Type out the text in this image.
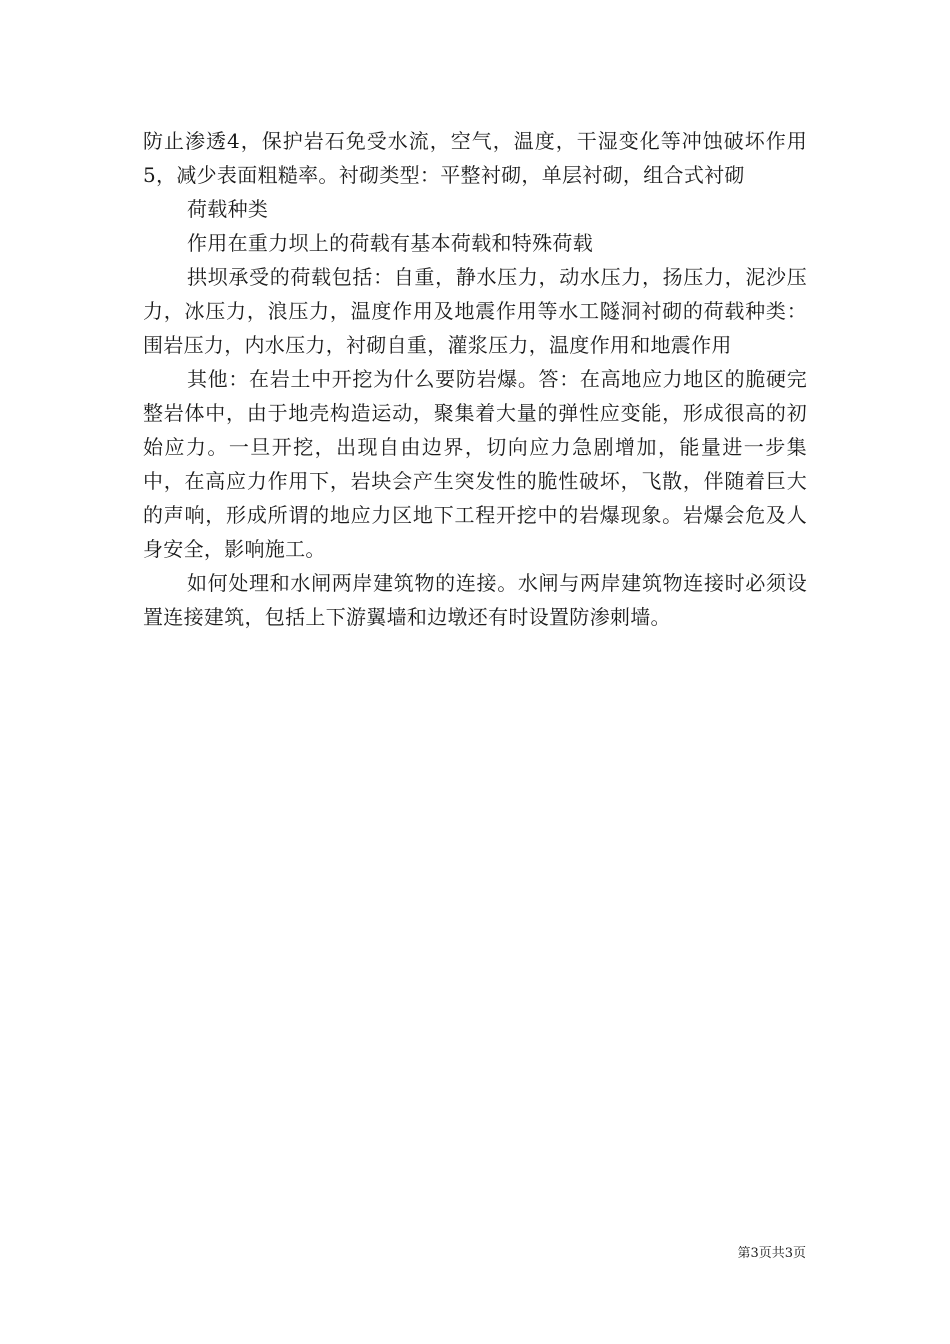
防止渗透4，保护岩石免受水流，空气，温度，干湿变化等冲蚀破坏作用5，减少表面粗糙率。衬砌类型：平整衬砌，单层衬砌，组合式衬砌

荷载种类

作用在重力坝上的荷载有基本荷载和特殊荷载

拱坝承受的荷载包括：自重，静水压力，动水压力，扬压力，泥沙压力，冰压力，浪压力，温度作用及地震作用等水工隧洞衬砌的荷载种类：围岩压力，内水压力，衬砌自重，灌浆压力，温度作用和地震作用

其他：在岩土中开挖为什么要防岩爆。答：在高地应力地区的脆硬完整岩体中，由于地壳构造运动，聚集着大量的弹性应变能，形成很高的初始应力。一旦开挖，出现自由边界，切向应力急剧增加，能量进一步集中，在高应力作用下，岩块会产生突发性的脆性破坏，飞散，伴随着巨大的声响，形成所谓的地应力区地下工程开挖中的岩爆现象。岩爆会危及人身安全，影响施工。

如何处理和水闸两岸建筑物的连接。水闸与两岸建筑物连接时必须设置连接建筑，包括上下游翼墙和边墩还有时设置防渗刺墙。

第3页共3页
